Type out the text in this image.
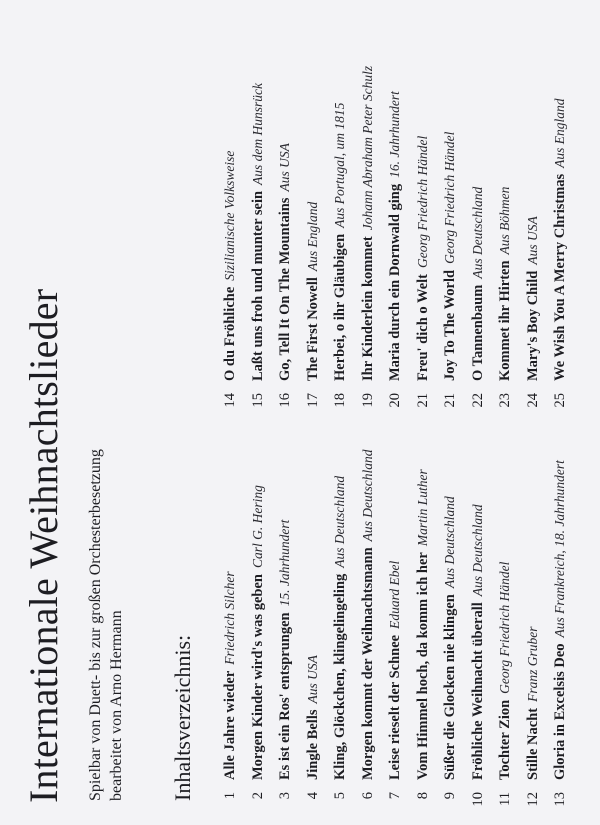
Internationale Weihnachtslieder Spielbar von Duett- bis zur großen Orchesterbesetzung bearbeitet von Arno Hermann Inhaltsverzeichnis: 1
Alle Jahre wieder
Friedrich Silcher
2
Morgen Kinder wird's was geben
Carl G. Hering
3
Es ist ein Ros' entsprungen
15. Jahrhundert
4
Jingle Bells
Aus USA
5
Kling, Glöckchen, klingelingeling
Aus Deutschland
6
Morgen kommt der Weihnachtsmann
Aus Deutschland
7
Leise rieselt der Schnee
Eduard Ebel
8
Vom Himmel hoch, da komm ich her
Martin Luther
9
Süßer die Glocken nie klingen
Aus Deutschland
10
Fröhliche Weihnacht überall
Aus Deutschland
11
Tochter Zion
Georg Friedrich Händel
12
Stille Nacht
Franz Gruber
13
Gloria in Excelsis Deo
Aus Frankreich, 18. Jahrhundert
14
O du Fröhliche
Sizilianische Volksweise
15
Laßt uns froh und munter sein
Aus dem Hunsrück
16
Go, Tell It On The Mountains
Aus USA
17
The First Nowell
Aus England
18
Herbei, o ihr Gläubigen
Aus Portugal, um 1815
19
Ihr Kinderlein kommet
Johann Abraham Peter Schulz
20
Maria durch ein Dornwald ging
16. Jahrhundert
21
Freu' dich o Welt
Georg Friedrich Händel
21
Joy To The World
Georg Friedrich Händel
22
O Tannenbaum
Aus Deutschland
23
Kommet ihr Hirten
Aus Böhmen
24
Mary's Boy Child
Aus USA
25
We Wish You A Merry Christmas
Aus England
